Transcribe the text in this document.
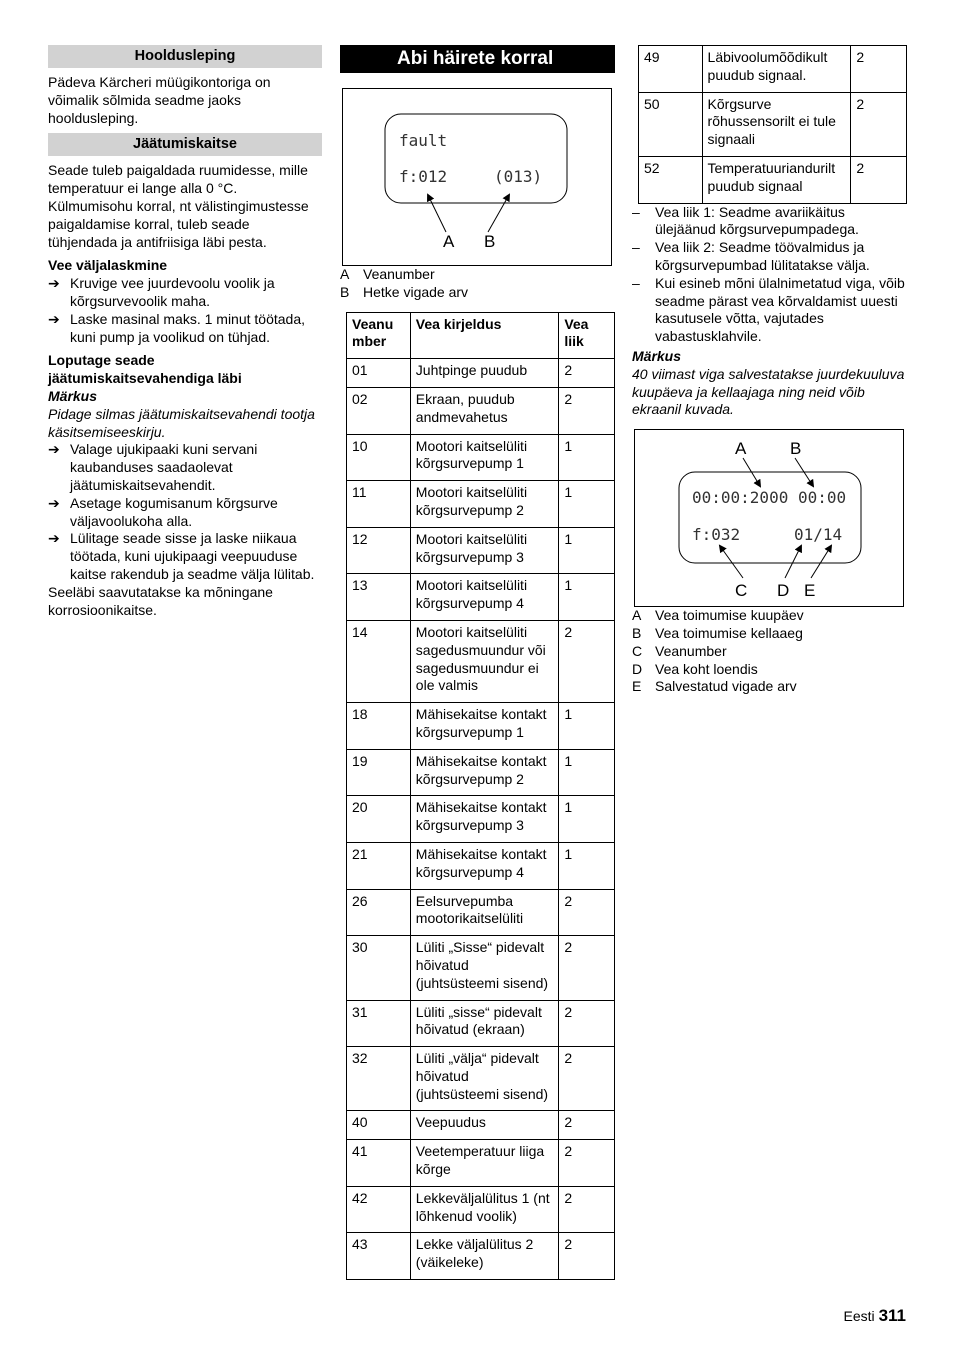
Hooldusleping

Pädeva Kärcheri müügikontoriga on võimalik sõlmida seadme jaoks hooldusleping.

Jäätumiskaitse

Seade tuleb paigaldada ruumidesse, mille temperatuur ei lange alla 0 °C. Külmumisohu korral, nt välistingimustesse paigaldamise korral, tuleb seade tühjendada ja antifriisiga läbi pesta.

Vee väljalaskmine
➔ Kruvige vee juurdevoolu voolik ja kõrgsurvevoolik maha.
➔ Laske masinal maks. 1 minut töötada, kuni pump ja voolikud on tühjad.
Loputage seade jäätumiskaitsevahendiga läbi
Märkus
Pidage silmas jäätumiskaitsevahendi tootja käsitsemiseeskirju.
➔ Valage ujukipaaki kuni servani kaubanduses saadaolevat jäätumiskaitsevahendit.
➔ Asetage kogumisanum kõrgsurve väljavoolukoha alla.
➔ Lülitage seade sisse ja laske niikaua töötada, kuni ujukipaagi veepuuduse kaitse rakendub ja seadme välja lülitab.

Seeläbi saavutatakse ka mõningane korrosioonikaitse.

Abi häirete korral
fault
f:012	(013)
A B
A Veanumber
B Hetke vigade arv
Veanu
mber	Vea kirjeldus	Vea
liik
01	Juhtpinge puudub	2
02	Ekraan, puudub andmevahetus	2
10	Mootori kaitselüliti kõrgsurvepump 1	1
11	Mootori kaitselüliti kõrgsurvepump 2	1
12	Mootori kaitselüliti kõrgsurvepump 3	1
13	Mootori kaitselüliti kõrgsurvepump 4	1
14	Mootori kaitselüliti sagedusmuundur või sagedusmuundur ei ole valmis	2
18	Mähisekaitse kontakt kõrgsurvepump 1	1
19	Mähisekaitse kontakt kõrgsurvepump 2	1
20	Mähisekaitse kontakt kõrgsurvepump 3	1
21	Mähisekaitse kontakt kõrgsurvepump 4	1
26	Eelsurvepumba mootorikaitselüliti	2
30	Lüliti „Sisse“ pidevalt hõivatud (juhtsüsteemi sisend)	2
31	Lüliti „sisse“ pidevalt hõivatud (ekraan)	2
32	Lüliti „välja“ pidevalt hõivatud (juhtsüsteemi sisend)	2
40	Veepuudus	2
41	Veetemperatuur liiga kõrge	2
42	Lekkeväljalülitus 1 (nt lõhkenud voolik)	2
43	Lekke väljalülitus 2 (väikeleke)	2
49	Läbivoolumõõdikult puudub signaal.	2
50	Kõrgsurve rõhussensorilt ei tule signaali	2
52	Temperatuuriandurilt puudub signaal	2
– Vea liik 1: Seadme avariikäitus ülejäänud kõrgsurvepumpadega.
– Vea liik 2: Seadme töövalmidus ja kõrgsurvepumbad lülitatakse välja.
– Kui esineb mõni ülalnimetatud viga, võib seadme pärast vea kõrvaldamist uuesti kasutusele võtta, vajutades vabastusklahvile.
Märkus
40 viimast viga salvestatakse juurdekuuluva kuupäeva ja kellaajaga ning neid võib ekraanil kuvada.
00:00:2000 00:00
f:032	01/14
A	B
C D E
A Vea toimumise kuupäev
B Vea toimumise kellaaeg
C Veanumber
D Vea koht loendis
E Salvestatud vigade arv
Eesti 311
